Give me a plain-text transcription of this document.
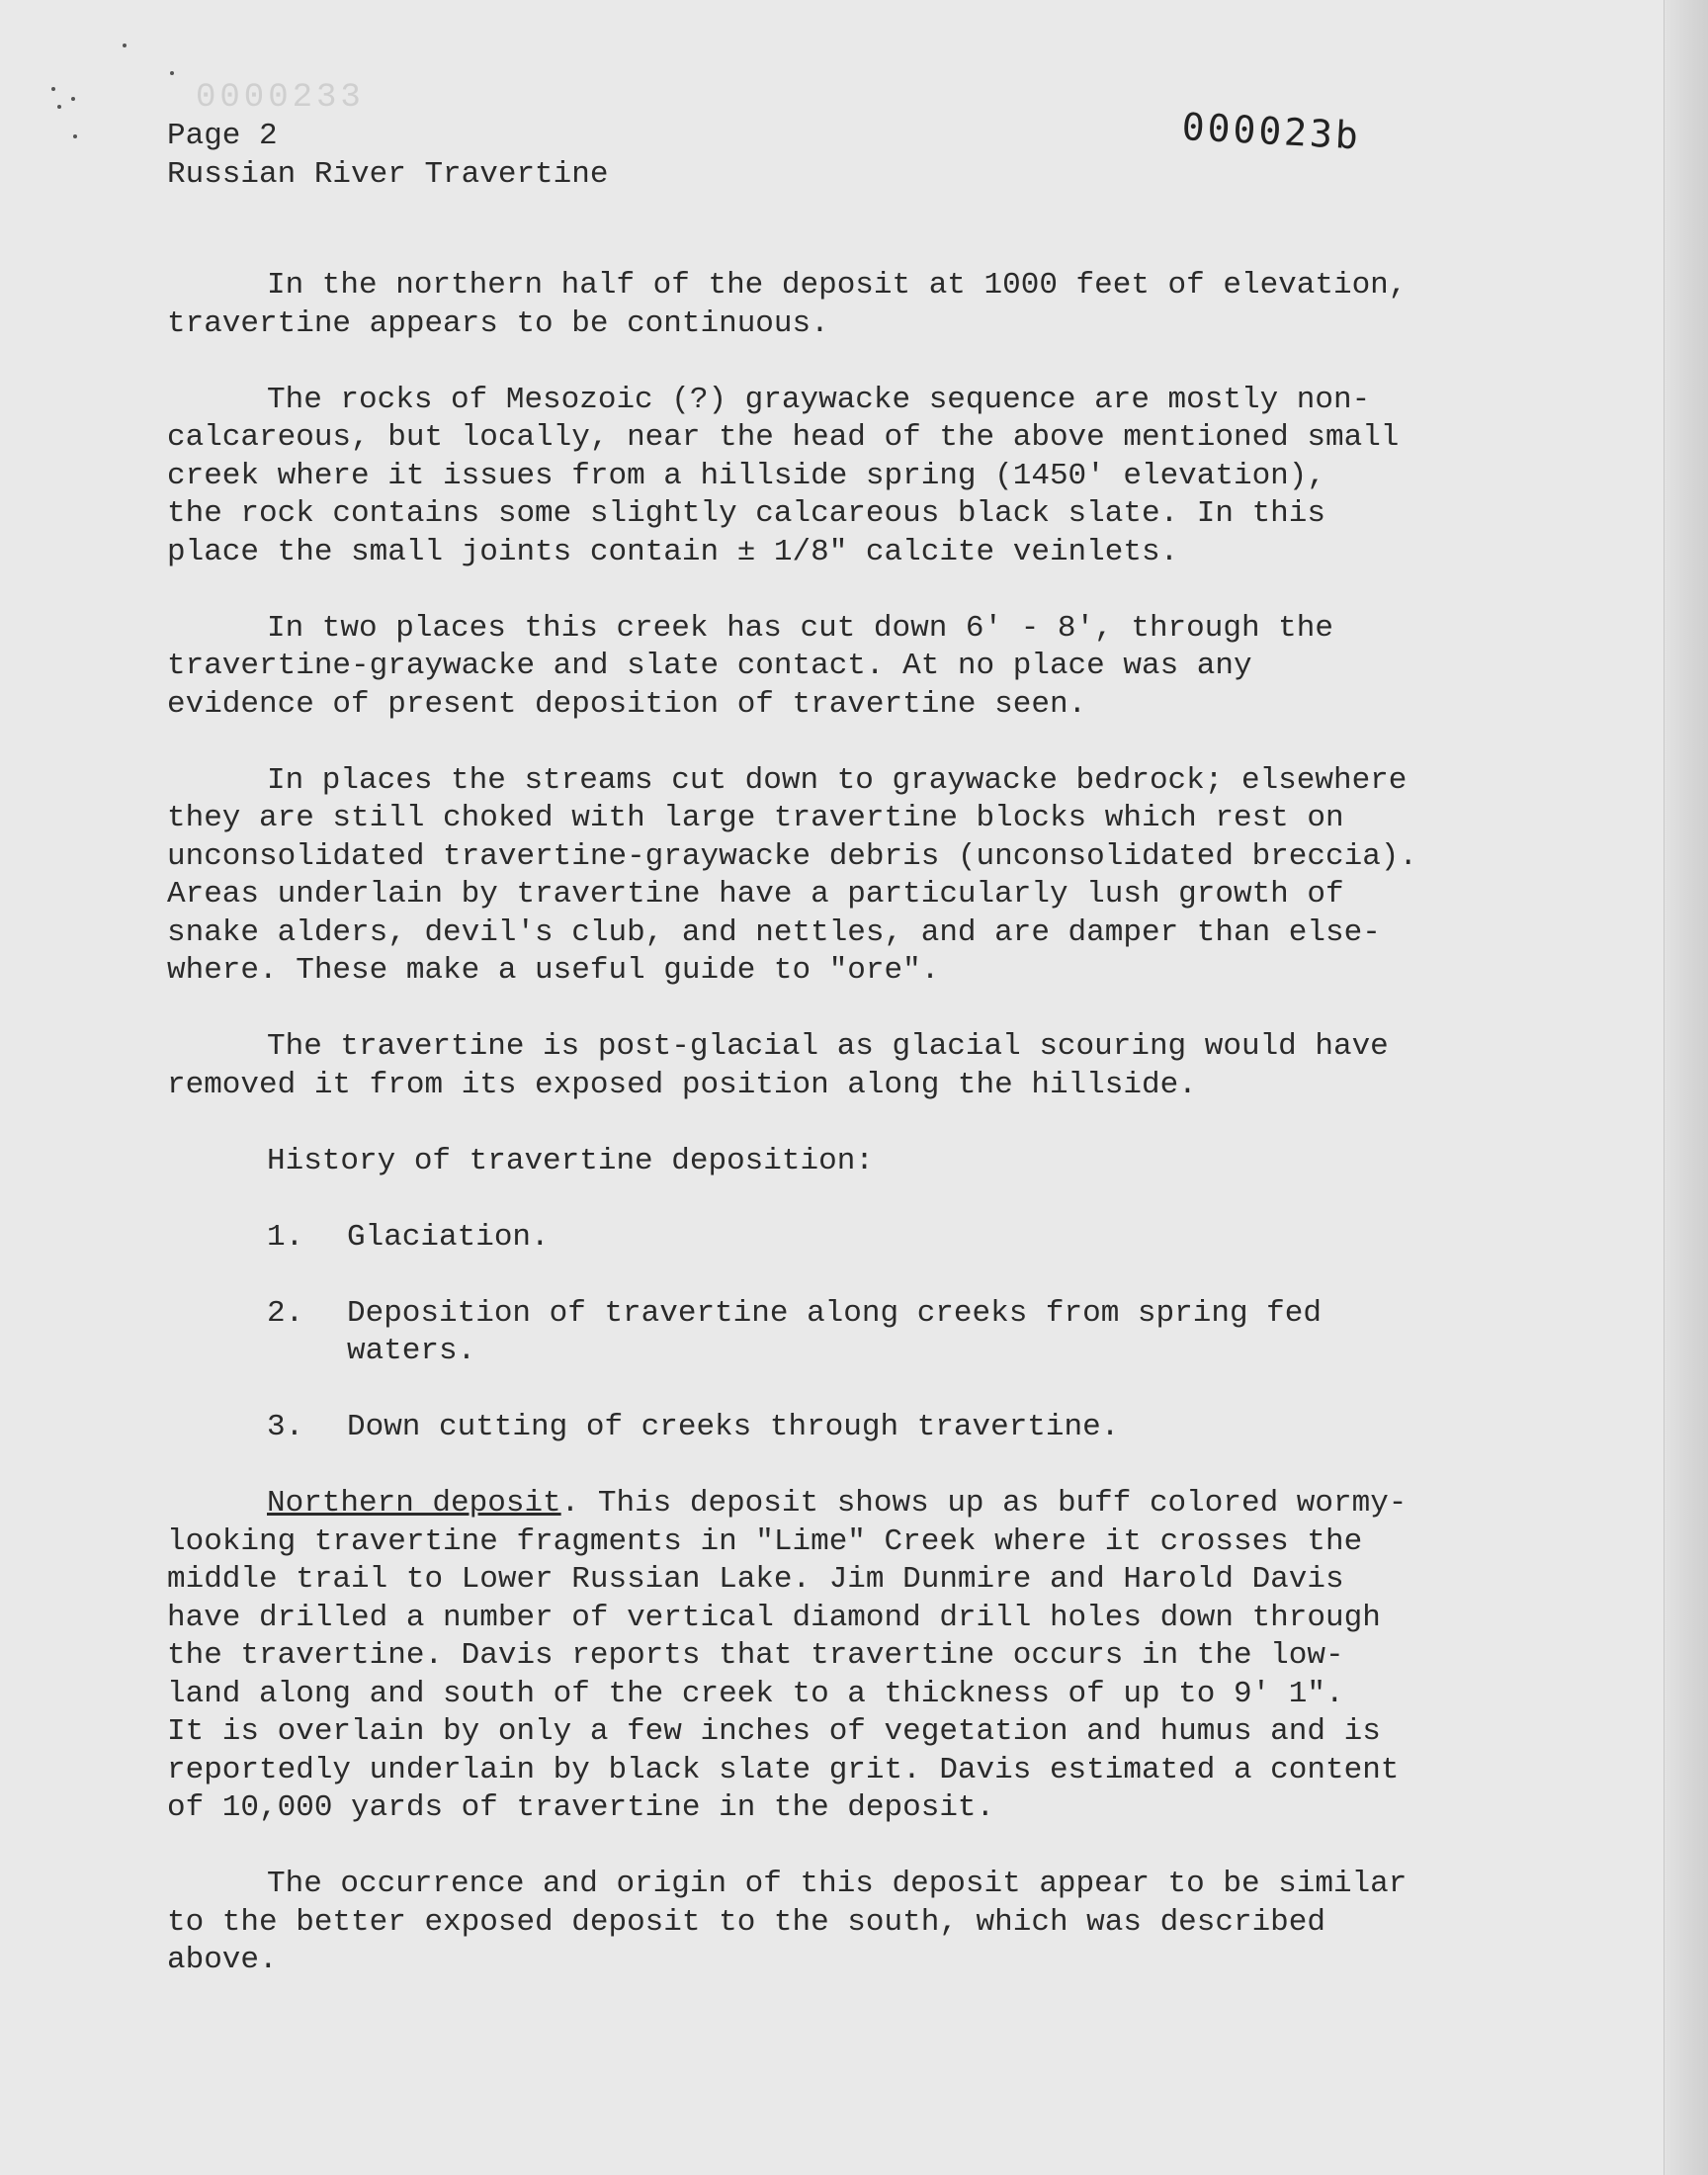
0000233
Page 2
Russian River Travertine
000023b

In the northern half of the deposit at 1000 feet of elevation,
travertine appears to be continuous.

The rocks of Mesozoic (?) graywacke sequence are mostly non-
calcareous, but locally, near the head of the above mentioned small
creek where it issues from a hillside spring (1450' elevation),
the rock contains some slightly calcareous black slate. In this
place the small joints contain ± 1/8" calcite veinlets.

In two places this creek has cut down 6' - 8', through the
travertine-graywacke and slate contact. At no place was any
evidence of present deposition of travertine seen.

In places the streams cut down to graywacke bedrock; elsewhere
they are still choked with large travertine blocks which rest on
unconsolidated travertine-graywacke debris (unconsolidated breccia).
Areas underlain by travertine have a particularly lush growth of
snake alders, devil's club, and nettles, and are damper than else-
where. These make a useful guide to "ore".

The travertine is post-glacial as glacial scouring would have
removed it from its exposed position along the hillside.

History of travertine deposition:

1.	Glaciation.
2.	Deposition of travertine along creeks from spring fed
waters.
3.	Down cutting of creeks through travertine.

Northern deposit. This deposit shows up as buff colored wormy-
looking travertine fragments in "Lime" Creek where it crosses the
middle trail to Lower Russian Lake. Jim Dunmire and Harold Davis
have drilled a number of vertical diamond drill holes down through
the travertine. Davis reports that travertine occurs in the low-
land along and south of the creek to a thickness of up to 9' 1".
It is overlain by only a few inches of vegetation and humus and is
reportedly underlain by black slate grit. Davis estimated a content
of 10,000 yards of travertine in the deposit.

The occurrence and origin of this deposit appear to be similar
to the better exposed deposit to the south, which was described
above.
